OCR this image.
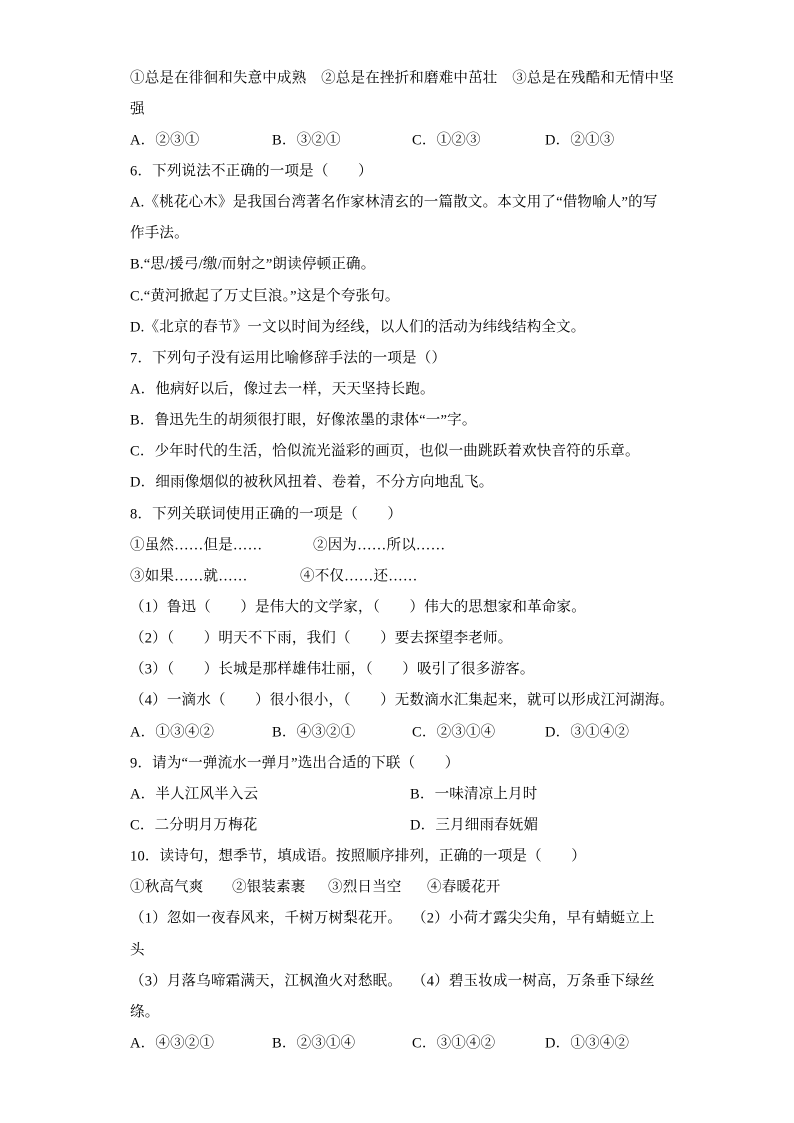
①总是在徘徊和失意中成熟　②总是在挫折和磨难中茁壮　③总是在残酷和无情中坚

强

A．②③①	B．③②①	C．①②③	D．②①③

6．下列说法不正确的一项是（　　）

A.《桃花心木》是我国台湾著名作家林清玄的一篇散文。本文用了“借物喻人”的写

作手法。

B.“思/援弓/缴/而射之”朗读停顿正确。

C.“黄河掀起了万丈巨浪。”这是个夸张句。

D.《北京的春节》一文以时间为经线，以人们的活动为纬线结构全文。

7．下列句子没有运用比喻修辞手法的一项是（）

A．他病好以后，像过去一样，天天坚持长跑。

B．鲁迅先生的胡须很打眼，好像浓墨的隶体“一”字。

C．少年时代的生活，恰似流光溢彩的画页，也似一曲跳跃着欢快音符的乐章。

D．细雨像烟似的被秋风扭着、卷着，不分方向地乱飞。

8．下列关联词使用正确的一项是（　　）

①虽然……但是……	②因为……所以……

③如果……就……	④不仅……还……

（1）鲁迅（　　）是伟大的文学家，（　　）伟大的思想家和革命家。

（2）（　　）明天不下雨，我们（　　）要去探望李老师。

（3）（　　）长城是那样雄伟壮丽，（　　）吸引了很多游客。

（4）一滴水（　　）很小很小，（　　）无数滴水汇集起来，就可以形成江河湖海。

A．①③④②	B．④③②①	C．②③①④	D．③①④②

9．请为“一弹流水一弹月”选出合适的下联（　　）

A．半人江风半入云	B．一味清凉上月时

C．二分明月万梅花	D．三月细雨春妩媚

10．读诗句，想季节，填成语。按照顺序排列，正确的一项是（　　）

①秋高气爽 ②银装素裹 ③烈日当空 ④春暖花开

（1）忽如一夜春风来，千树万树梨花开。 （2）小荷才露尖尖角，早有蜻蜓立上

头

（3）月落乌啼霜满天，江枫渔火对愁眠。 （4）碧玉妆成一树高，万条垂下绿丝

绦。

A．④③②①	B．②③①④	C．③①④②	D．①③④②
